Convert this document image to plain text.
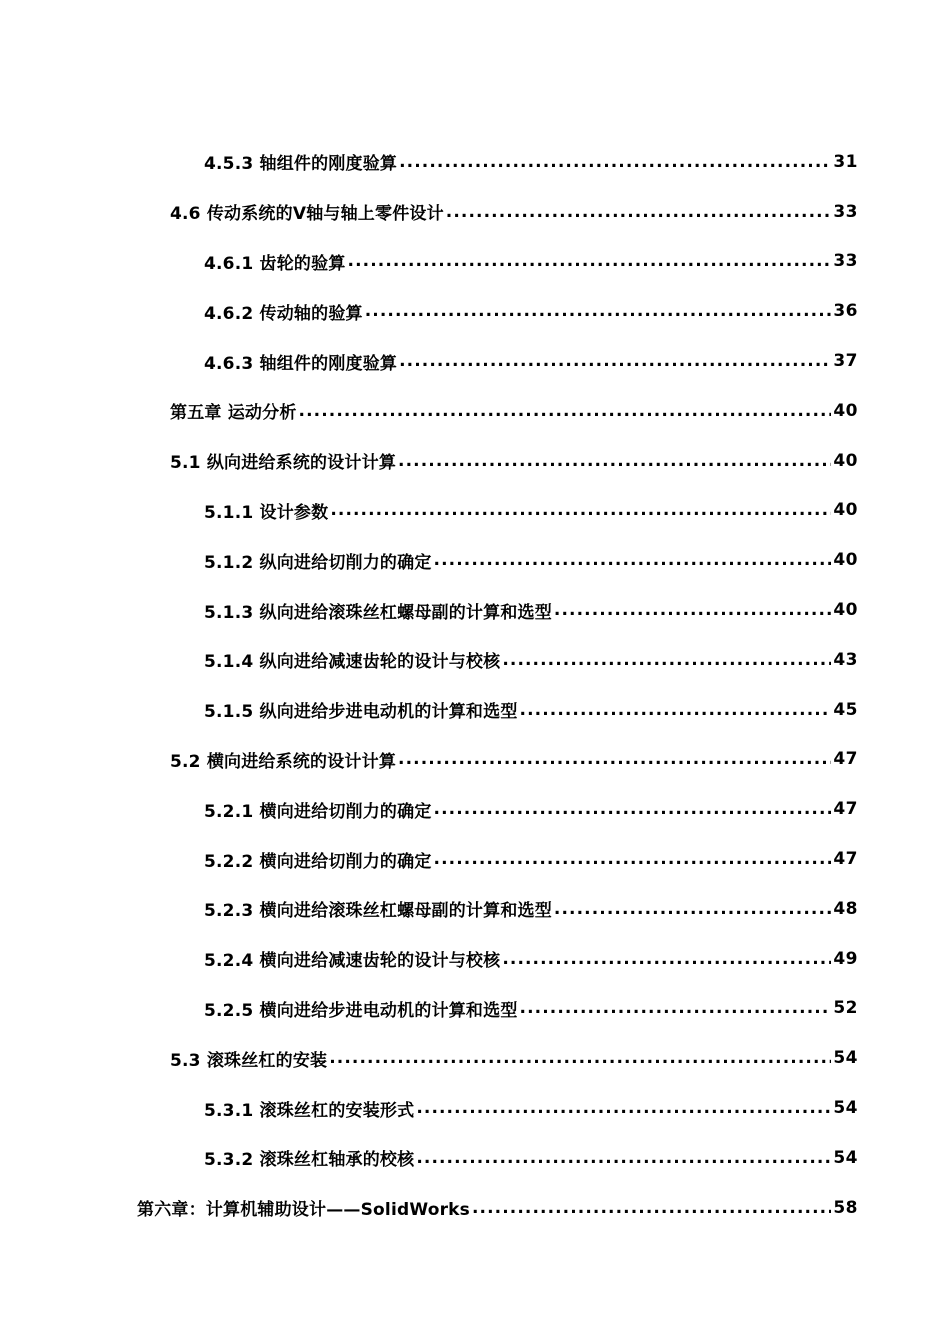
4.5.3 轴组件的刚度验算 .....	31
4.6 传动系统的Ⅴ轴与轴上零件设计 .....	33
4.6.1 齿轮的验算 .....	33
4.6.2 传动轴的验算 .....	36
4.6.3 轴组件的刚度验算 .....	37
第五章 运动分析 .....	40
5.1 纵向进给系统的设计计算 .....	40
5.1.1 设计参数 .....	40
5.1.2 纵向进给切削力的确定 .....	40
5.1.3 纵向进给滚珠丝杠螺母副的计算和选型 .....	40
5.1.4 纵向进给减速齿轮的设计与校核 .....	43
5.1.5 纵向进给步进电动机的计算和选型 .....	45
5.2 横向进给系统的设计计算 .....	47
5.2.1 横向进给切削力的确定 .....	47
5.2.2 横向进给切削力的确定 .....	47
5.2.3 横向进给滚珠丝杠螺母副的计算和选型 .....	48
5.2.4 横向进给减速齿轮的设计与校核 .....	49
5.2.5 横向进给步进电动机的计算和选型 .....	52
5.3 滚珠丝杠的安装 .....	54
5.3.1 滚珠丝杠的安装形式 .....	54
5.3.2 滚珠丝杠轴承的校核 .....	54
第六章：计算机辅助设计——SolidWorks .....	58
